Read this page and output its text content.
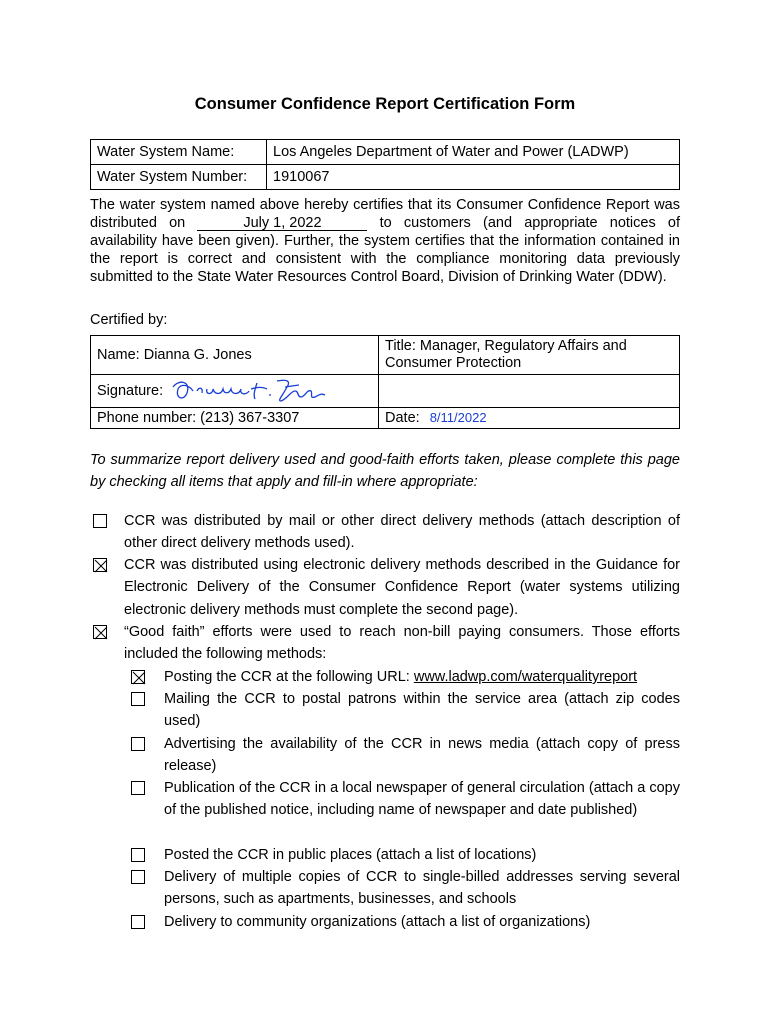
Consumer Confidence Report Certification Form
Water System Name:	Los Angeles Department of Water and Power (LADWP)
Water System Number:	1910067
The water system named above hereby certifies that its Consumer Confidence Report was distributed on	July 1, 2022	to customers (and appropriate notices of availability have been given). Further, the system certifies that the information contained in the report is correct and consistent with the compliance monitoring data previously submitted to the State Water Resources Control Board, Division of Drinking Water (DDW).
Certified by:
Name: Dianna G. Jones	Title: Manager, Regulatory Affairs and Consumer Protection
Signature:	
Phone number: (213) 367-3307	Date: 8/11/2022
To summarize report delivery used and good-faith efforts taken, please complete this page by checking all items that apply and fill-in where appropriate:
CCR was distributed by mail or other direct delivery methods (attach description of other direct delivery methods used).
CCR was distributed using electronic delivery methods described in the Guidance for Electronic Delivery of the Consumer Confidence Report (water systems utilizing electronic delivery methods must complete the second page).
“Good faith” efforts were used to reach non-bill paying consumers. Those efforts included the following methods:
Posting the CCR at the following URL: www.ladwp.com/waterqualityreport
Mailing the CCR to postal patrons within the service area (attach zip codes used)
Advertising the availability of the CCR in news media (attach copy of press release)
Publication of the CCR in a local newspaper of general circulation (attach a copy of the published notice, including name of newspaper and date published)
Posted the CCR in public places (attach a list of locations)
Delivery of multiple copies of CCR to single-billed addresses serving several persons, such as apartments, businesses, and schools
Delivery to community organizations (attach a list of organizations)
